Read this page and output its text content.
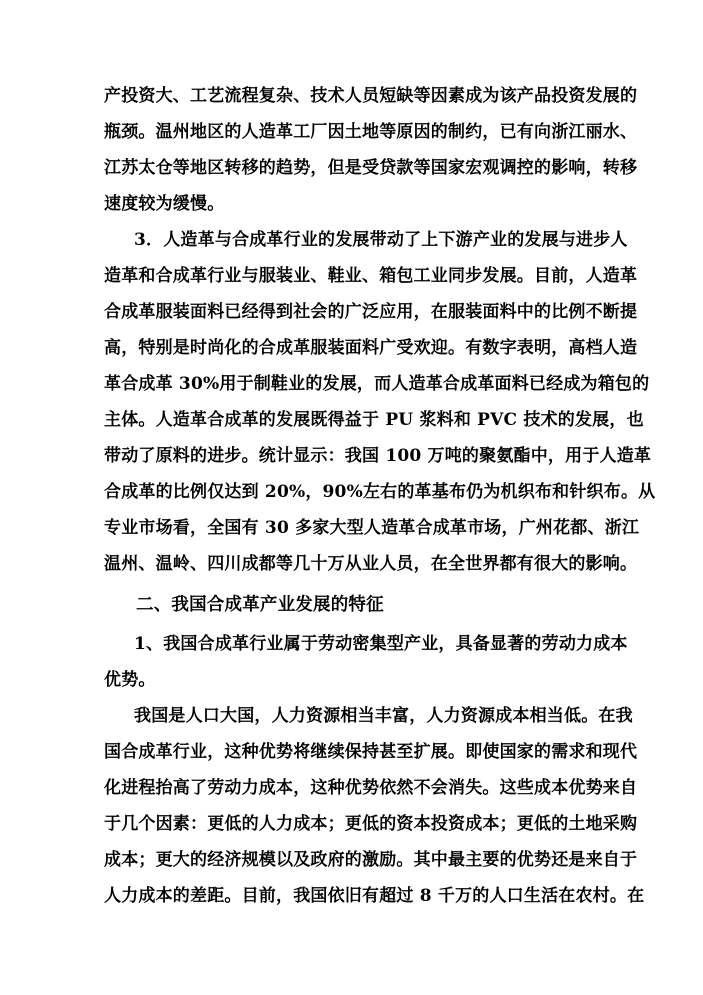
产投资大、工艺流程复杂、技术人员短缺等因素成为该产品投资发展的
瓶颈。温州地区的人造革工厂因土地等原因的制约，已有向浙江丽水、
江苏太仓等地区转移的趋势，但是受贷款等国家宏观调控的影响，转移
速度较为缓慢。
3．人造革与合成革行业的发展带动了上下游产业的发展与进步人
造革和合成革行业与服装业、鞋业、箱包工业同步发展。目前，人造革
合成革服装面料已经得到社会的广泛应用，在服装面料中的比例不断提
高，特别是时尚化的合成革服装面料广受欢迎。有数字表明，高档人造
革合成革 30%用于制鞋业的发展，而人造革合成革面料已经成为箱包的
主体。人造革合成革的发展既得益于 PU 浆料和 PVC 技术的发展，也
带动了原料的进步。统计显示：我国 100 万吨的聚氨酯中，用于人造革
合成革的比例仅达到 20%，90%左右的革基布仍为机织布和针织布。从
专业市场看，全国有 30 多家大型人造革合成革市场，广州花都、浙江
温州、温岭、四川成都等几十万从业人员，在全世界都有很大的影响。
二、我国合成革产业发展的特征
1、我国合成革行业属于劳动密集型产业，具备显著的劳动力成本
优势。
我国是人口大国，人力资源相当丰富，人力资源成本相当低。在我
国合成革行业，这种优势将继续保持甚至扩展。即使国家的需求和现代
化进程抬高了劳动力成本，这种优势依然不会消失。这些成本优势来自
于几个因素：更低的人力成本；更低的资本投资成本；更低的土地采购
成本；更大的经济规模以及政府的激励。其中最主要的优势还是来自于
人力成本的差距。目前，我国依旧有超过 8 千万的人口生活在农村。在
